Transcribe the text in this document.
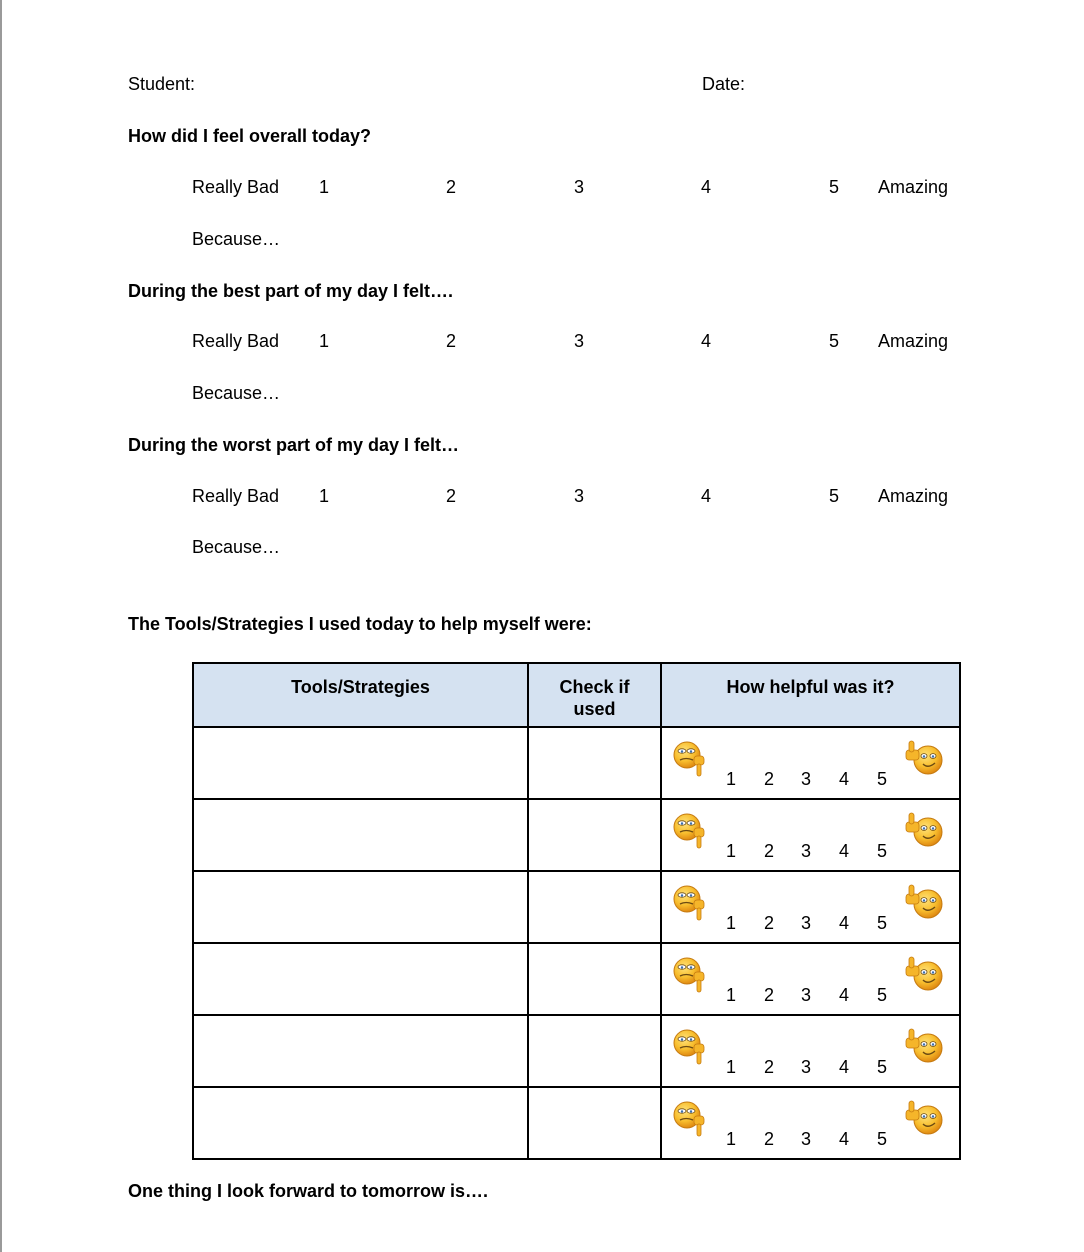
Student:	Date:
How did I feel overall today?
Really Bad 1	2	3	4	5 Amazing
Because…
During the best part of my day I felt….
Really Bad 1	2	3	4	5 Amazing
Because…
During the worst part of my day I felt…
Really Bad 1	2	3	4	5 Amazing
Because…
The Tools/Strategies I used today to help myself were:
Tools/Strategies	Check if used	How helpful was it?

		1 2 3 4 5

		1 2 3 4 5

		1 2 3 4 5

		1 2 3 4 5

		1 2 3 4 5

		1 2 3 4 5
One thing I look forward to tomorrow is….
